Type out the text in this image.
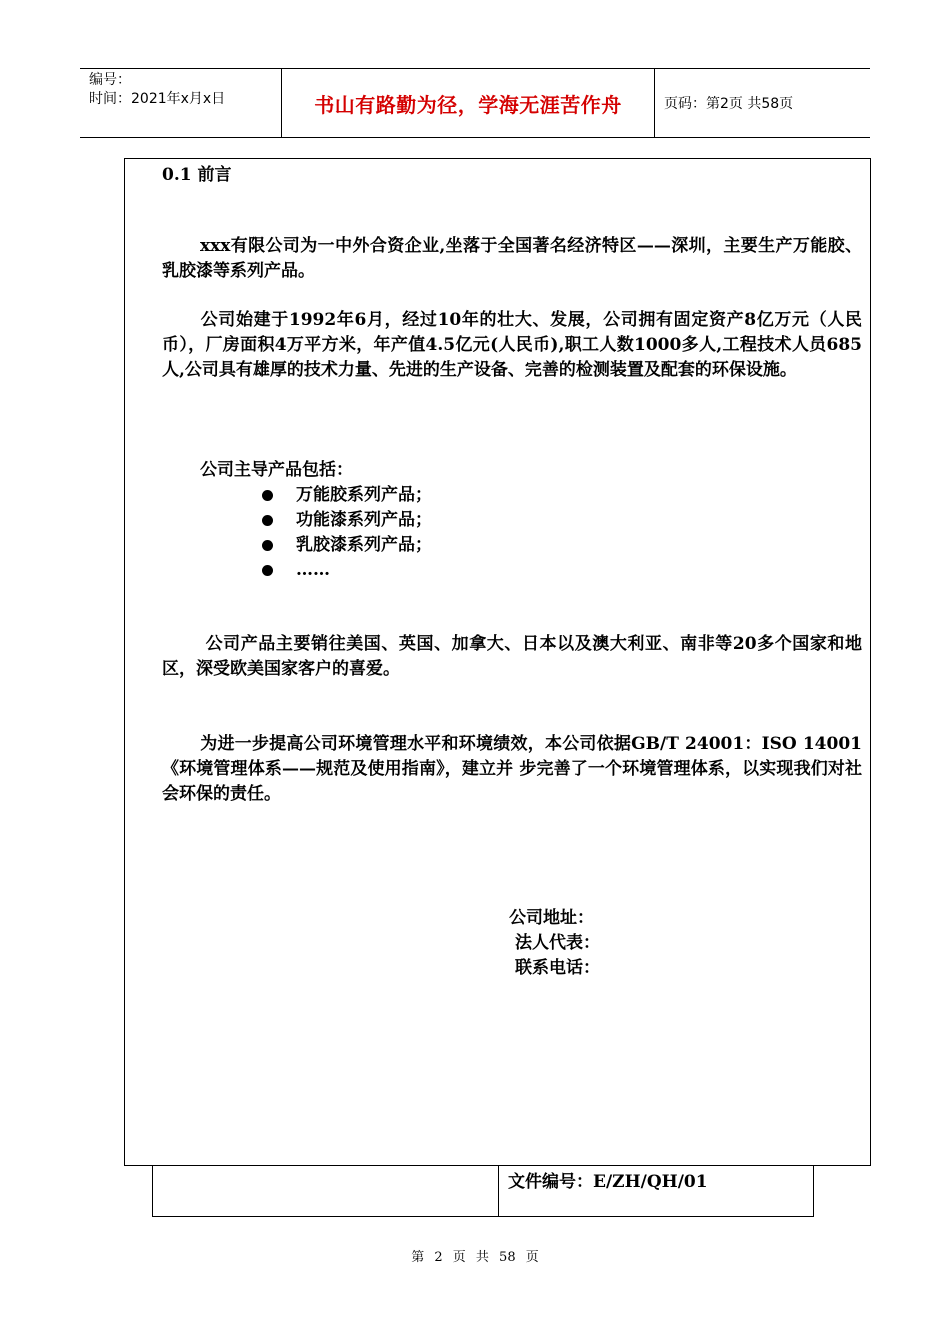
编号：
时间：2021年x月x日	书山有路勤为径，学海无涯苦作舟	页码：第2页 共58页
0.1 前言
xxx有限公司为一中外合资企业,坐落于全国著名经济特区——深圳，主要生产万能胶、乳胶漆等系列产品。
公司始建于1992年6月，经过10年的壮大、发展，公司拥有固定资产8亿万元（人民币），厂房面积4万平方米，年产值4.5亿元(人民币),职工人数1000多人,工程技术人员685人,公司具有雄厚的技术力量、先进的生产设备、完善的检测装置及配套的环保设施。
公司主导产品包括：
万能胶系列产品；
功能漆系列产品；
乳胶漆系列产品；
……
公司产品主要销往美国、英国、加拿大、日本以及澳大利亚、南非等20多个国家和地区，深受欧美国家客户的喜爱。
为进一步提高公司环境管理水平和环境绩效，本公司依据GB/T 24001：ISO 14001《环境管理体系——规范及使用指南》，建立并 步完善了一个环境管理体系，以实现我们对社会环保的责任。
公司地址：
法人代表：
联系电话：
文件编号：E/ZH/QH/01
第 2 页 共 58 页
